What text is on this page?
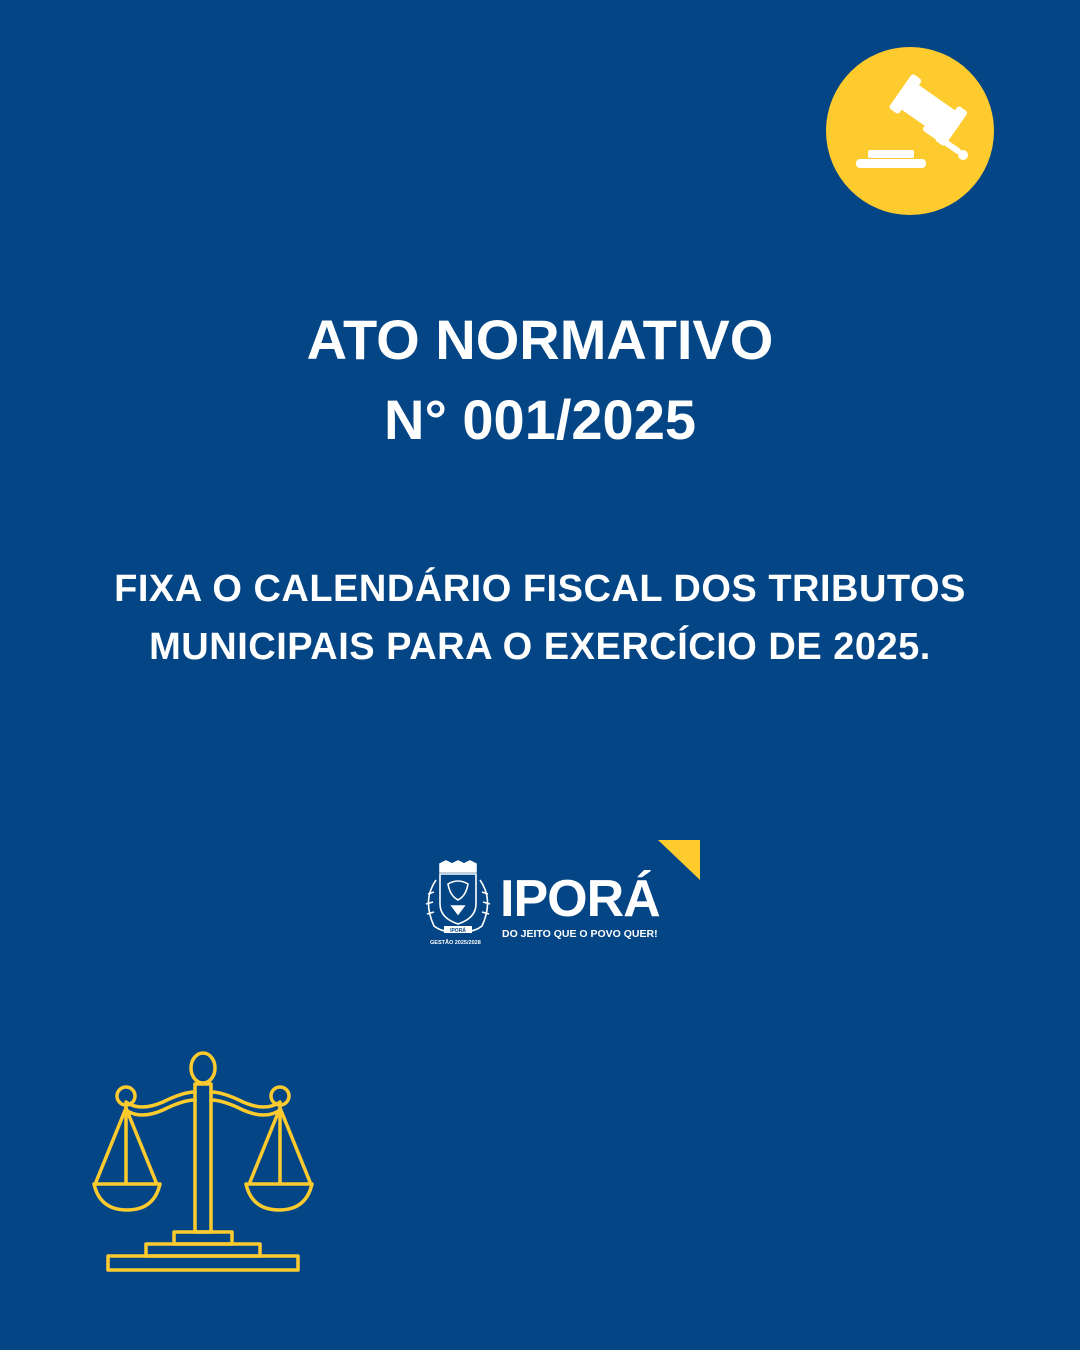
ATO NORMATIVO
N° 001/2025
FIXA O CALENDÁRIO FISCAL DOS TRIBUTOS
MUNICIPAIS PARA O EXERCÍCIO DE 2025.
IPORÁ
IPORÁ
DO JEITO QUE O POVO QUER!
GESTÃO 2025/2028
